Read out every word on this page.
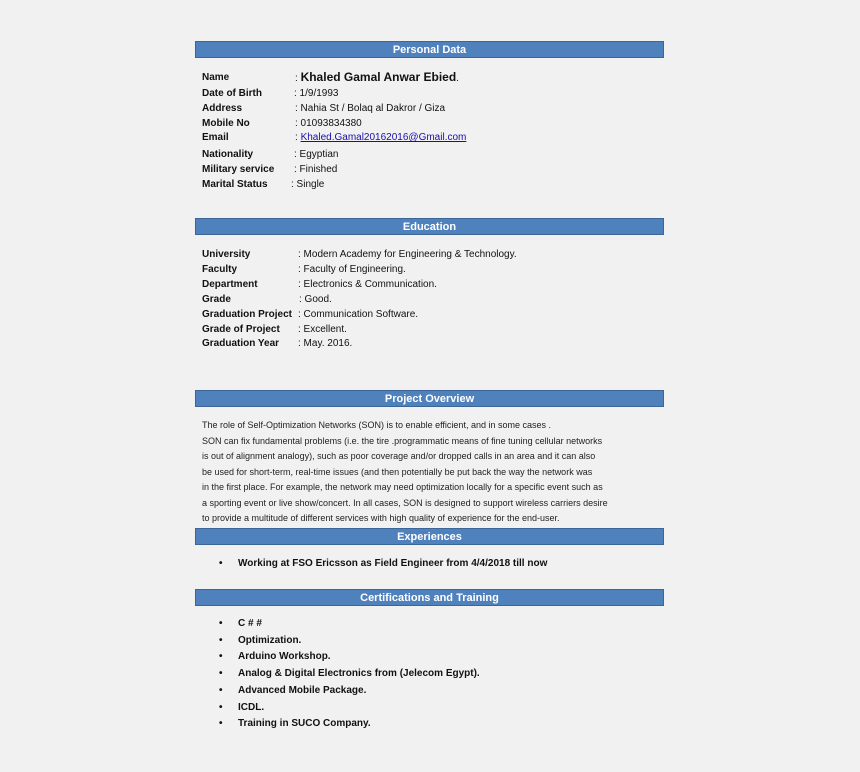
Personal Data
Name	: Khaled Gamal Anwar Ebied.
Date of Birth	: 1/9/1993
Address	: Nahia St / Bolaq al Dakror / Giza
Mobile No	: 01093834380
Email	: Khaled.Gamal20162016@Gmail.com
Nationality	: Egyptian
Military service : Finished
Marital Status : Single
Education
University	: Modern Academy for Engineering & Technology.
Faculty	: Faculty of Engineering.
Department	: Electronics & Communication.
Grade	: Good.
Graduation Project : Communication Software.
Grade of Project : Excellent.
Graduation Year : May. 2016.
Project Overview

The role of Self-Optimization Networks (SON) is to enable efficient, and in some cases .

SON can fix fundamental problems (i.e. the tire .programmatic means of fine tuning cellular networks

is out of alignment analogy), such as poor coverage and/or dropped calls in an area and it can also

be used for short-term, real-time issues (and then potentially be put back the way the network was

in the first place. For example, the network may need optimization locally for a specific event such as

a sporting event or live show/concert. In all cases, SON is designed to support wireless carriers desire

to provide a multitude of different services with high quality of experience for the end-user.

Experiences
• Working at FSO Ericsson as Field Engineer from 4/4/2018 till now
Certifications and Training
• C # #
• Optimization.
• Arduino Workshop.
• Analog & Digital Electronics from (Jelecom Egypt).
• Advanced Mobile Package.
• ICDL.
• Training in SUCO Company.
